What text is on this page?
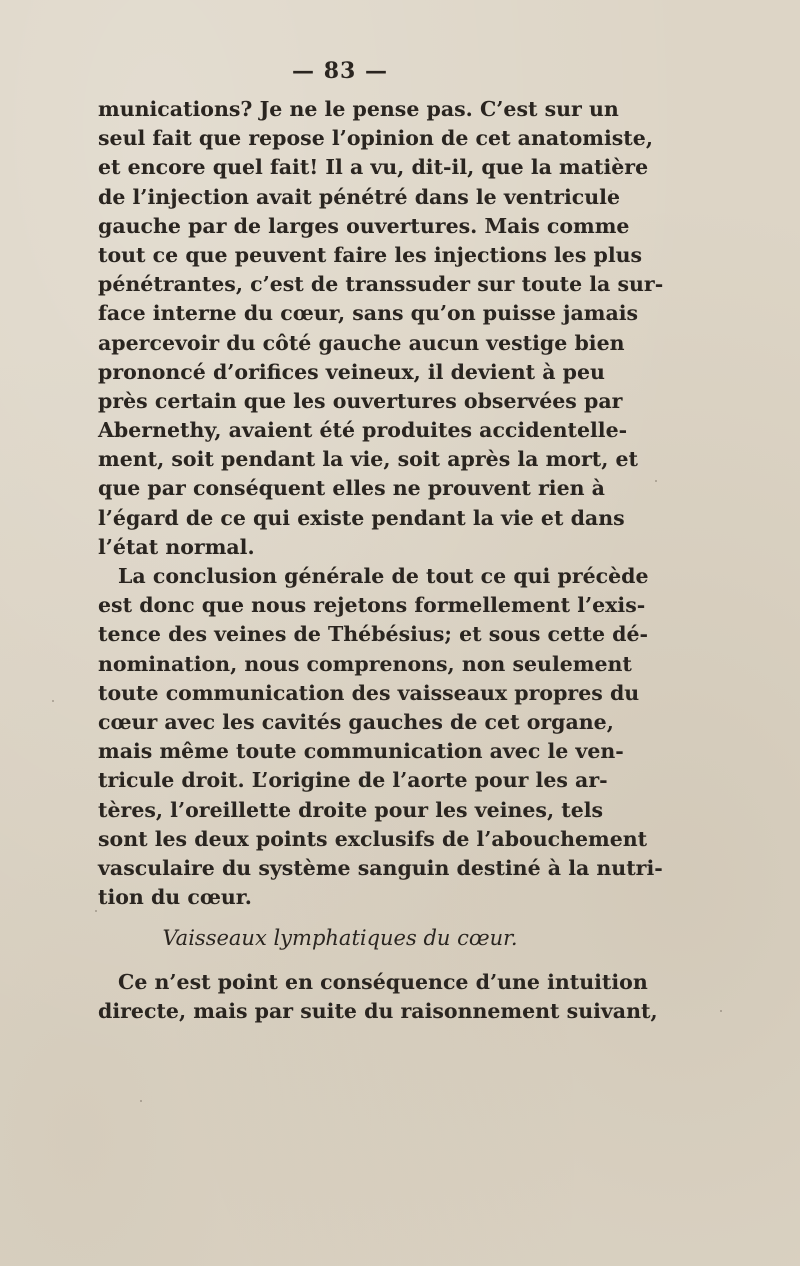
— 83 —
munications? Je ne le pense pas. C’est sur un
seul fait que repose l’opinion de cet anatomiste,
et encore quel fait! Il a vu, dit-il, que la matière
de l’injection avait pénétré dans le ventricule
gauche par de larges ouvertures. Mais comme
tout ce que peuvent faire les injections les plus
pénétrantes, c’est de transsuder sur toute la sur-
face interne du cœur, sans qu’on puisse jamais
apercevoir du côté gauche aucun vestige bien
prononcé d’orifices veineux, il devient à peu
près certain que les ouvertures observées par
Abernethy, avaient été produites accidentelle-
ment, soit pendant la vie, soit après la mort, et
que par conséquent elles ne prouvent rien à
l’égard de ce qui existe pendant la vie et dans
l’état normal.
La conclusion générale de tout ce qui précède
est donc que nous rejetons formellement l’exis-
tence des veines de Thébésius; et sous cette dé-
nomination, nous comprenons, non seulement
toute communication des vaisseaux propres du
cœur avec les cavités gauches de cet organe,
mais même toute communication avec le ven-
tricule droit. L’origine de l’aorte pour les ar-
tères, l’oreillette droite pour les veines, tels
sont les deux points exclusifs de l’abouchement
vasculaire du système sanguin destiné à la nutri-
tion du cœur.
Vaisseaux lymphatiques du cœur.
Ce n’est point en conséquence d’une intuition
directe, mais par suite du raisonnement suivant,
